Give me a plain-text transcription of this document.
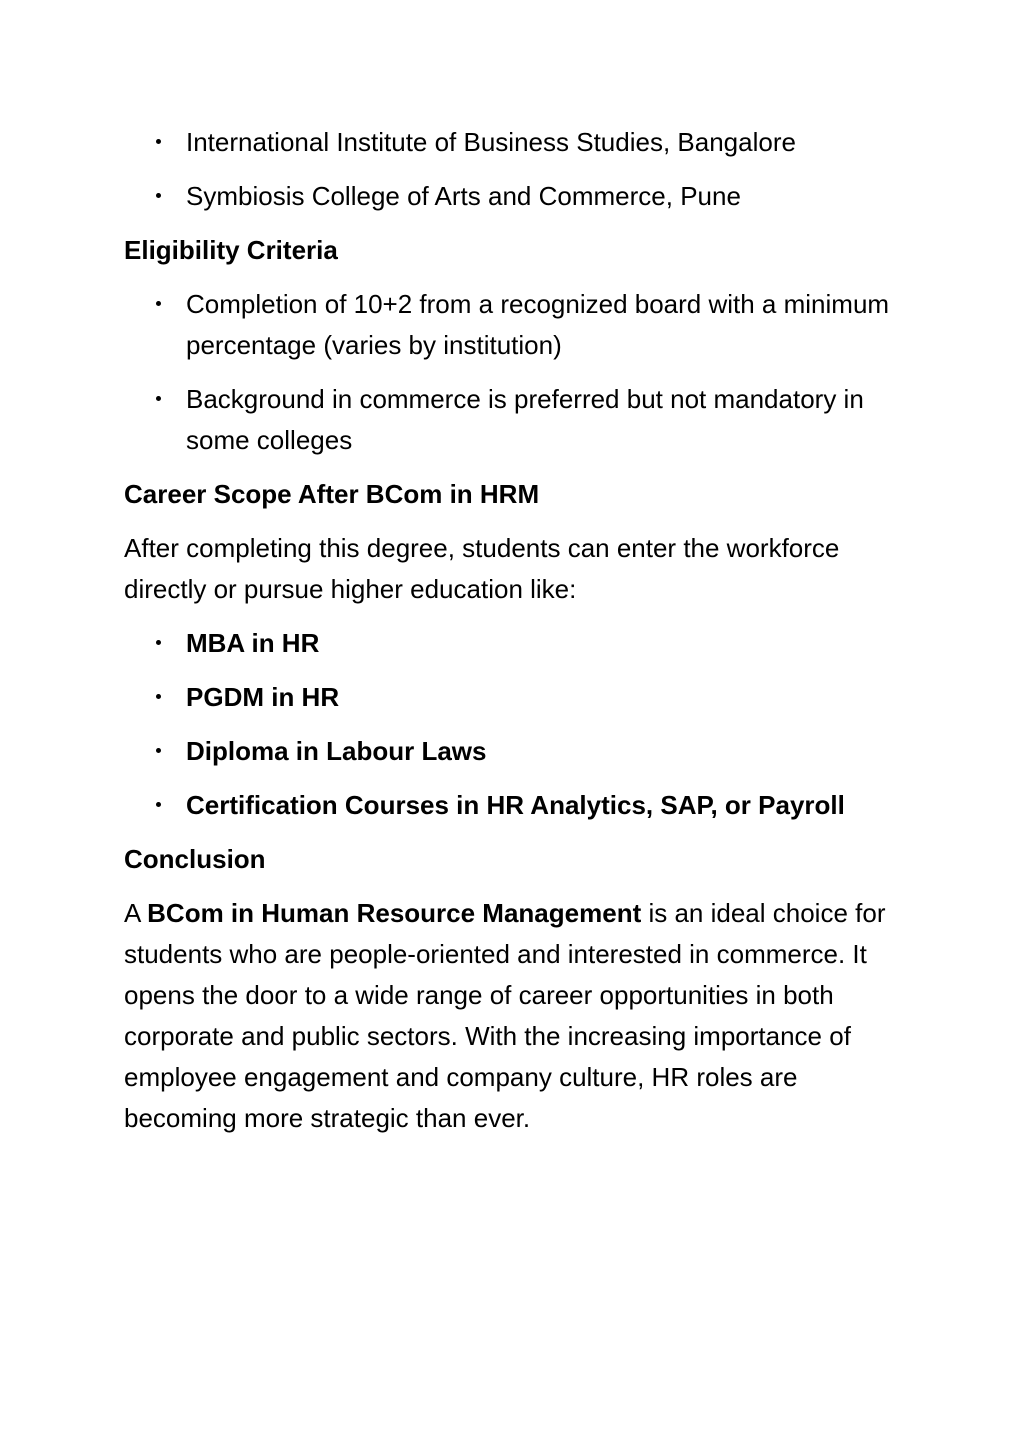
International Institute of Business Studies, Bangalore
Symbiosis College of Arts and Commerce, Pune
Eligibility Criteria
Completion of 10+2 from a recognized board with a minimum percentage (varies by institution)
Background in commerce is preferred but not mandatory in some colleges
Career Scope After BCom in HRM
After completing this degree, students can enter the workforce directly or pursue higher education like:
MBA in HR
PGDM in HR
Diploma in Labour Laws
Certification Courses in HR Analytics, SAP, or Payroll
Conclusion
A BCom in Human Resource Management is an ideal choice for students who are people-oriented and interested in commerce. It opens the door to a wide range of career opportunities in both corporate and public sectors. With the increasing importance of employee engagement and company culture, HR roles are becoming more strategic than ever.
